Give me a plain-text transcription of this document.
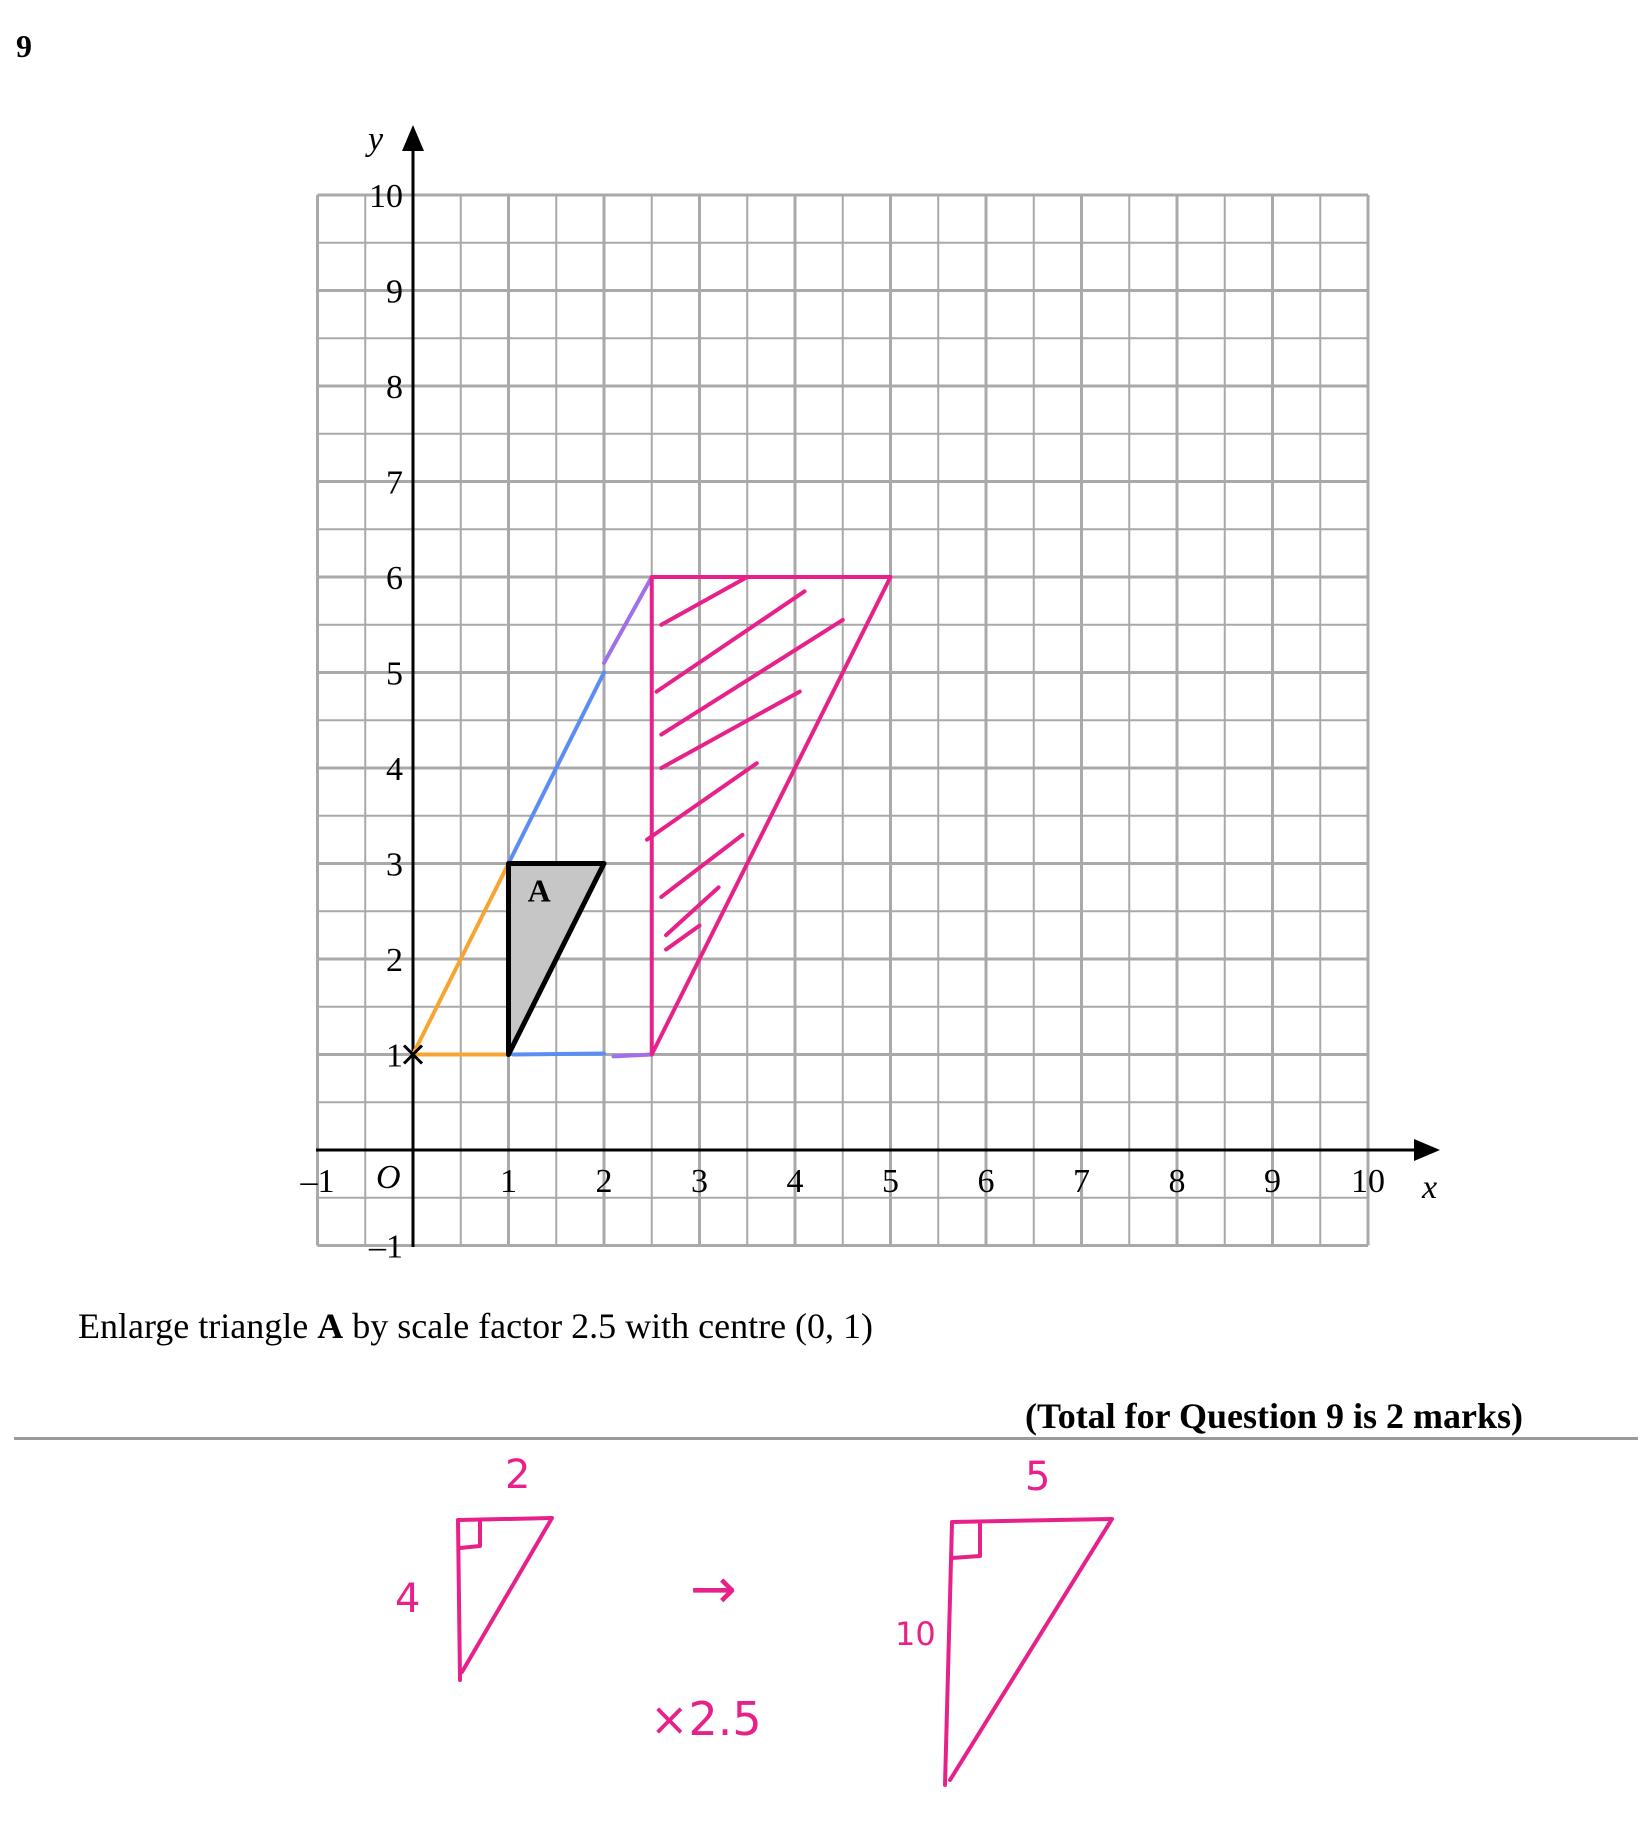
9
–1	1 2 3 4 5 6 7 8 9 10
–1
1
2
3
4
5
6
7
8
9
10
x
y
O
A
Enlarge triangle A by scale factor 2.5 with centre (0, 1)
(Total for Question 9 is 2 marks)
2
4	→
×2.5
5
10
